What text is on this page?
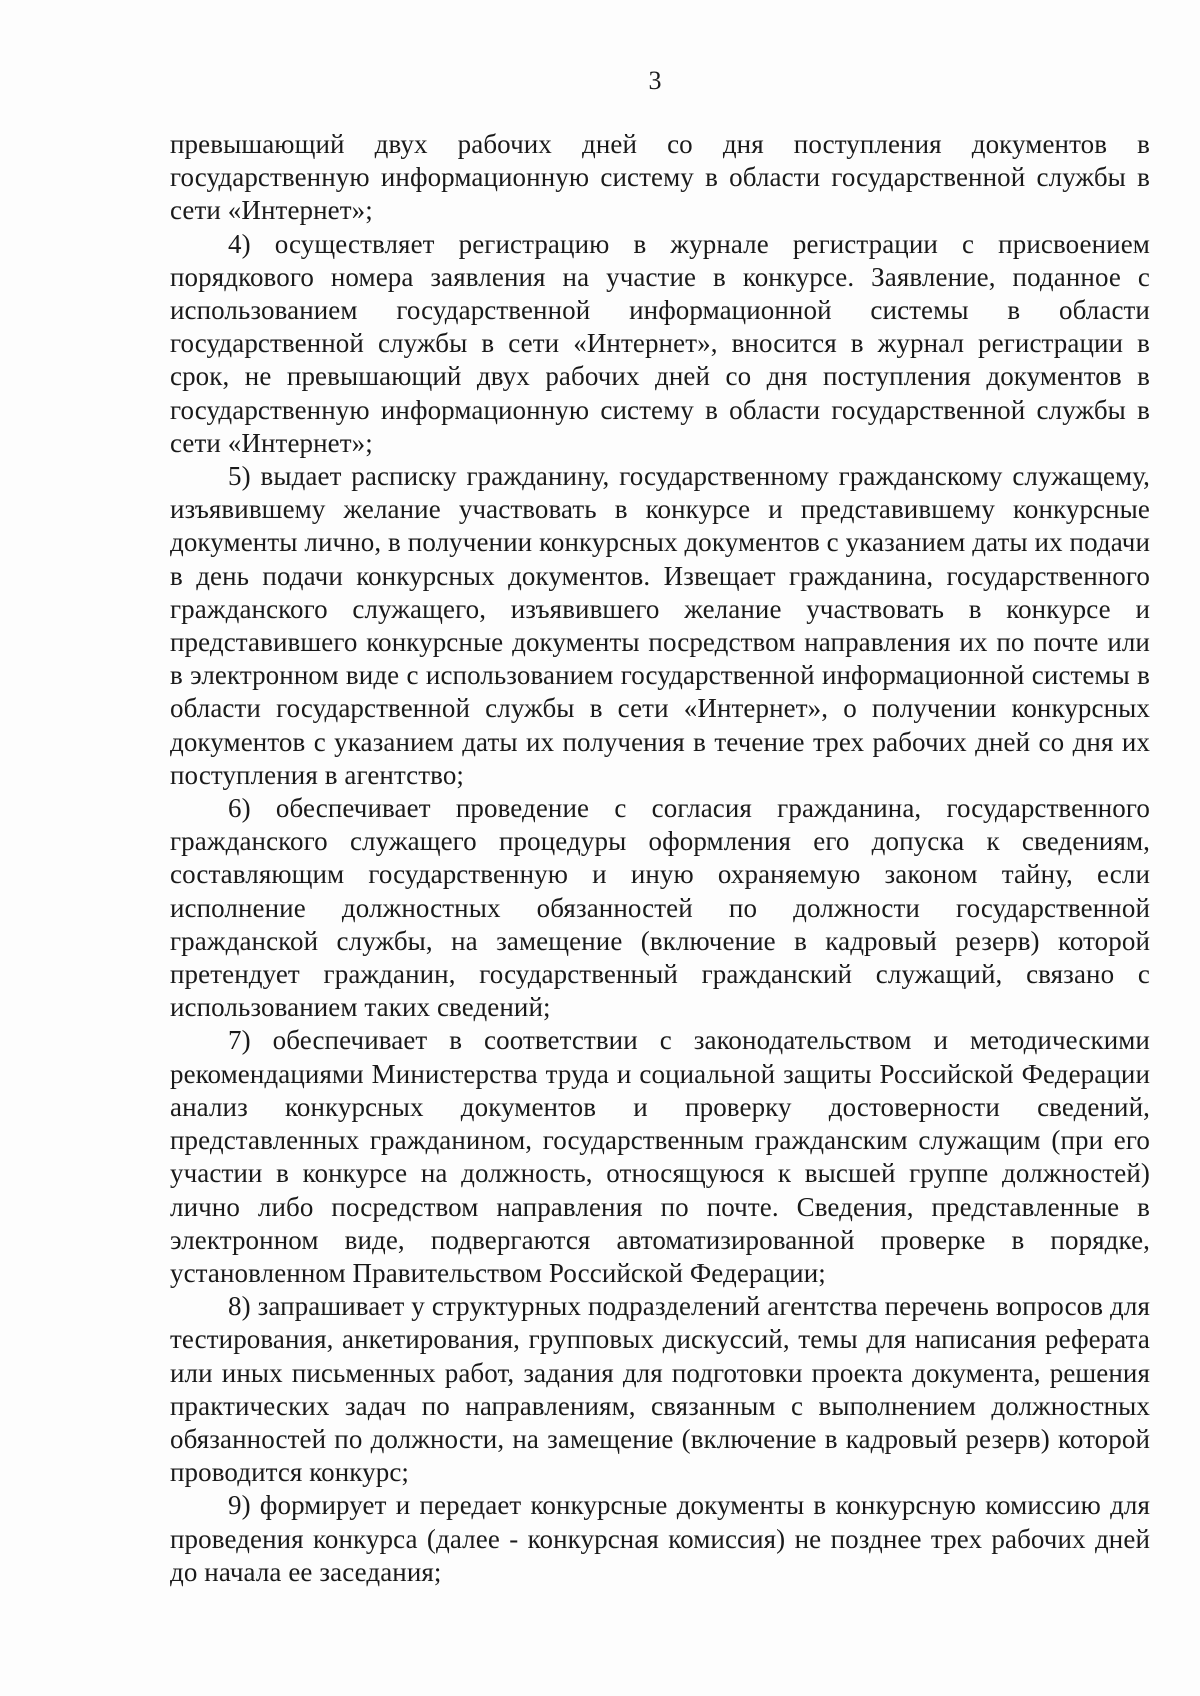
3

превышающий двух рабочих дней со дня поступления документов в государственную информационную систему в области государственной службы в сети «Интернет»;

4) осуществляет регистрацию в журнале регистрации с присвоением порядкового номера заявления на участие в конкурсе. Заявление, поданное с использованием государственной информационной системы в области государственной службы в сети «Интернет», вносится в журнал регистрации в срок, не превышающий двух рабочих дней со дня поступления документов в государственную информационную систему в области государственной службы в сети «Интернет»;

5) выдает расписку гражданину, государственному гражданскому служащему, изъявившему желание участвовать в конкурсе и представившему конкурсные документы лично, в получении конкурсных документов с указанием даты их подачи в день подачи конкурсных документов. Извещает гражданина, государственного гражданского служащего, изъявившего желание участвовать в конкурсе и представившего конкурсные документы посредством направления их по почте или в электронном виде с использованием государственной информационной системы в области государственной службы в сети «Интернет», о получении конкурсных документов с указанием даты их получения в течение трех рабочих дней со дня их поступления в агентство;

6) обеспечивает проведение с согласия гражданина, государственного гражданского служащего процедуры оформления его допуска к сведениям, составляющим государственную и иную охраняемую законом тайну, если исполнение должностных обязанностей по должности государственной гражданской службы, на замещение (включение в кадровый резерв) которой претендует гражданин, государственный гражданский служащий, связано с использованием таких сведений;

7) обеспечивает в соответствии с законодательством и методическими рекомендациями Министерства труда и социальной защиты Российской Федерации анализ конкурсных документов и проверку достоверности сведений, представленных гражданином, государственным гражданским служащим (при его участии в конкурсе на должность, относящуюся к высшей группе должностей) лично либо посредством направления по почте. Сведения, представленные в электронном виде, подвергаются автоматизированной проверке в порядке, установленном Правительством Российской Федерации;

8) запрашивает у структурных подразделений агентства перечень вопросов для тестирования, анкетирования, групповых дискуссий, темы для написания реферата или иных письменных работ, задания для подготовки проекта документа, решения практических задач по направлениям, связанным с выполнением должностных обязанностей по должности, на замещение (включение в кадровый резерв) которой проводится конкурс;

9) формирует и передает конкурсные документы в конкурсную комиссию для проведения конкурса (далее - конкурсная комиссия) не позднее трех рабочих дней до начала ее заседания;
